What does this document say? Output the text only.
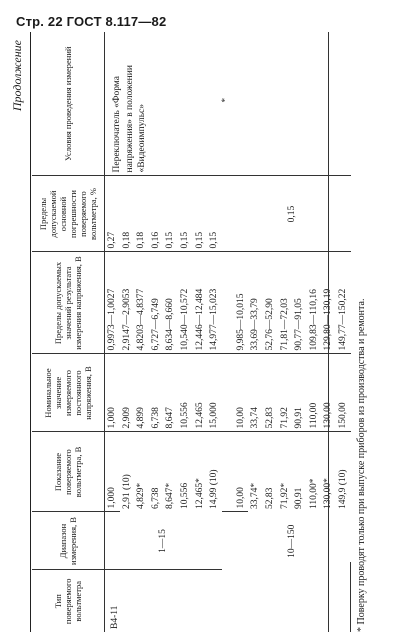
Стр. 22 ГОСТ 8.117—82
Продолжение
Тип поверяемого вольтметра	Диапазон измерения, В	Показание поверяемого вольтметра, В	Номинальное значение измеряемого постоянного напряжения, В	Пределы допускаемых значений результата измерения напряжения, В	Пределы допускаемой основной погрешности поверяемого вольтметра, %	Условия проведения измерений
В4-11	1—15	1,000	1,000	0,9973—1,0027	0,27	Переключатель «Форма напряжения» в положении «Видеоимпульс»
*

		2,91 (10)	2,909	2,9147—2,9053	0,18	
		4,829*	4,899	4,8203—4,8377	0,18	
		6,738	6,738	6,727—6,749	0,16	
		8,647*	8,647	8,634—8,660	0,15	
		10,556	10,556	10,540—10,572	0,15	
		12,465*	12,465	12,446—12,484	0,15	
		14,99 (10)	15,000	14,977—15,023	0,15	

	10—150	10,00	10,00	9,985—10,015	0,15	
		33,74*	33,74	33,69—33,79		
		52,83	52,83	52,76—52,90		
		71,92*	71,92	71,81—72,03		
		90,91	90,91	90,77—91,05		
		110,00*	110,00	109,83—110,16		
		130,00*	130,00	129,80—130,19		
		149,9 (10)	150,00	149,77—150,22		* Поверку проводят только при выпуске приборов из производства и ремонта.
